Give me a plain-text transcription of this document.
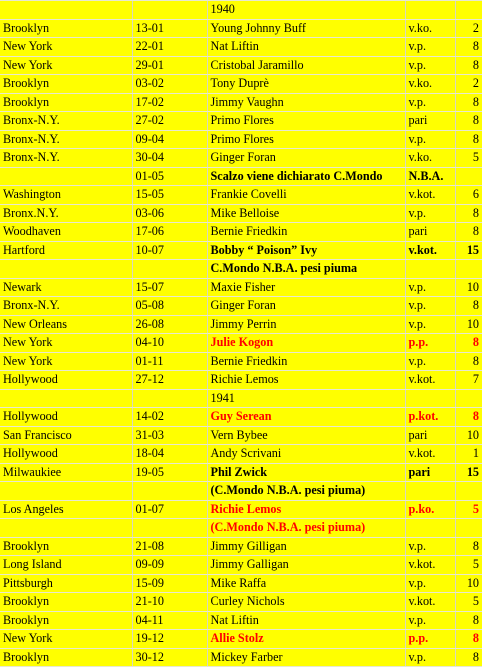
		1940		
Brooklyn	13-01	Young Johnny Buff	v.ko.	2
New York	22-01	Nat Liftin	v.p.	8
New York	29-01	Cristobal Jaramillo	v.p.	8
Brooklyn	03-02	Tony Duprè	v.ko.	2
Brooklyn	17-02	Jimmy Vaughn	v.p.	8
Bronx-N.Y.	27-02	Primo Flores	pari	8
Bronx-N.Y.	09-04	Primo Flores	v.p.	8
Bronx-N.Y.	30-04	Ginger Foran	v.ko.	5
	01-05	Scalzo viene dichiarato C.Mondo	N.B.A.	
Washington	15-05	Frankie Covelli	v.kot.	6
Bronx.N.Y.	03-06	Mike Belloise	v.p.	8
Woodhaven	17-06	Bernie Friedkin	pari	8
Hartford	10-07	Bobby “ Poison” Ivy	v.kot.	15
		C.Mondo N.B.A. pesi piuma		
Newark	15-07	Maxie Fisher	v.p.	10
Bronx-N.Y.	05-08	Ginger Foran	v.p.	8
New Orleans	26-08	Jimmy Perrin	v.p.	10
New York	04-10	Julie Kogon	p.p.	8
New York	01-11	Bernie Friedkin	v.p.	8
Hollywood	27-12	Richie Lemos	v.kot.	7
		1941		
Hollywood	14-02	Guy Serean	p.kot.	8
San Francisco	31-03	Vern Bybee	pari	10
Hollywood	18-04	Andy Scrivani	v.kot.	1
Milwaukiee	19-05	Phil Zwick	pari	15
		(C.Mondo N.B.A. pesi piuma)		
Los Angeles	01-07	Richie Lemos	p.ko.	5
		(C.Mondo N.B.A. pesi piuma)		
Brooklyn	21-08	Jimmy Gilligan	v.p.	8
Long Island	09-09	Jimmy Galligan	v.kot.	5
Pittsburgh	15-09	Mike Raffa	v.p.	10
Brooklyn	21-10	Curley Nichols	v.kot.	5
Brooklyn	04-11	Nat Liftin	v.p.	8
New York	19-12	Allie Stolz	p.p.	8
Brooklyn	30-12	Mickey Farber	v.p.	8
